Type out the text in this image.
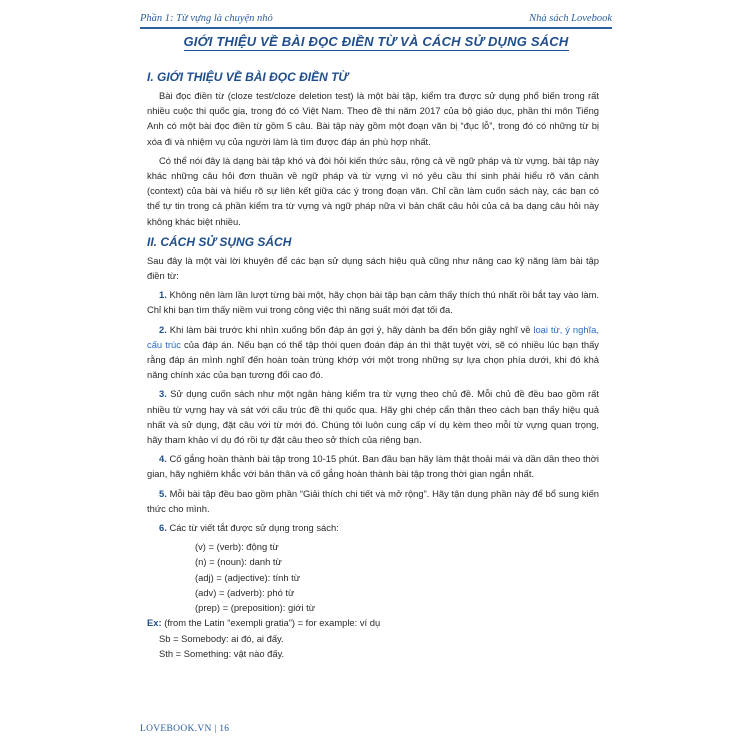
Phần 1: Từ vựng là chuyện nhỏ	Nhà sách Lovebook
GIỚI THIỆU VỀ BÀI ĐỌC ĐIỀN TỪ VÀ CÁCH SỬ DỤNG SÁCH
I. GIỚI THIỆU VỀ BÀI ĐỌC ĐIỀN TỪ

Bài đọc điền từ (cloze test/cloze deletion test) là một bài tập, kiểm tra được sử dụng phổ biến trong rất nhiều cuộc thi quốc gia, trong đó có Việt Nam. Theo đề thi năm 2017 của bộ giáo dục, phần thi môn Tiếng Anh có một bài đọc điền từ gồm 5 câu. Bài tập này gồm một đoạn văn bị “đục lỗ”, trong đó có những từ bị xóa đi và nhiệm vụ của người làm là tìm được đáp án phù hợp nhất.

Có thể nói đây là dạng bài tập khó và đòi hỏi kiến thức sâu, rộng cả về ngữ pháp và từ vựng. bài tập này khác những câu hỏi đơn thuần về ngữ pháp và từ vựng vì nó yêu cầu thí sinh phải hiểu rõ văn cảnh (context) của bài và hiểu rõ sự liên kết giữa các ý trong đoạn văn. Chỉ cần làm cuốn sách này, các bạn có thể tự tin trong cả phần kiểm tra từ vựng và ngữ pháp nữa vì bản chất câu hỏi của cả ba dạng câu hỏi này không khác biệt nhiều.

II. CÁCH SỬ SỤNG SÁCH

Sau đây là một vài lời khuyên để các bạn sử dụng sách hiệu quả cũng như nâng cao kỹ năng làm bài tập điền từ:

1. Không nên làm lần lượt từng bài một, hãy chọn bài tập bạn cảm thấy thích thú nhất rồi bắt tay vào làm. Chỉ khi bạn tìm thấy niềm vui trong công việc thì năng suất mới đạt tối đa.

2. Khi làm bài trước khi nhìn xuống bốn đáp án gợi ý, hãy dành ba đến bốn giây nghĩ về loại từ, ý nghĩa, cấu trúc của đáp án. Nếu bạn có thể tập thói quen đoán đáp án thì thật tuyệt vời, sẽ có nhiều lúc bạn thấy rằng đáp án mình nghĩ đến hoàn toàn trùng khớp với một trong những sự lựa chọn phía dưới, khi đó khả năng chính xác của bạn tương đối cao đó.

3. Sử dụng cuốn sách như một ngân hàng kiểm tra từ vựng theo chủ đề. Mỗi chủ đề đều bao gồm rất nhiều từ vựng hay và sát với cấu trúc đề thi quốc qua. Hãy ghi chép cẩn thận theo cách bạn thấy hiệu quả nhất và sử dụng, đặt câu với từ mới đó. Chúng tôi luôn cung cấp ví dụ kèm theo mỗi từ vựng quan trọng, hãy tham khảo ví dụ đó rồi tự đặt câu theo sở thích của riêng bạn.

4. Cố gắng hoàn thành bài tập trong 10-15 phút. Ban đầu bạn hãy làm thật thoải mái và dần dần theo thời gian, hãy nghiêm khắc với bản thân và cố gắng hoàn thành bài tập trong thời gian ngắn nhất.

5. Mỗi bài tập đều bao gồm phần “Giải thích chi tiết và mở rộng”. Hãy tận dụng phần này để bổ sung kiến thức cho mình.

6. Các từ viết tắt được sử dụng trong sách:

(v) = (verb): động từ

(n) = (noun): danh từ

(adj) = (adjective): tính từ

(adv) = (adverb): phó từ

(prep) = (preposition): giới từ

Ex: (from the Latin “exempli gratia”) = for example: ví dụ

Sb = Somebody: ai đó, ai đấy.

Sth = Something: vật nào đấy.

LOVEBOOK.VN | 16
